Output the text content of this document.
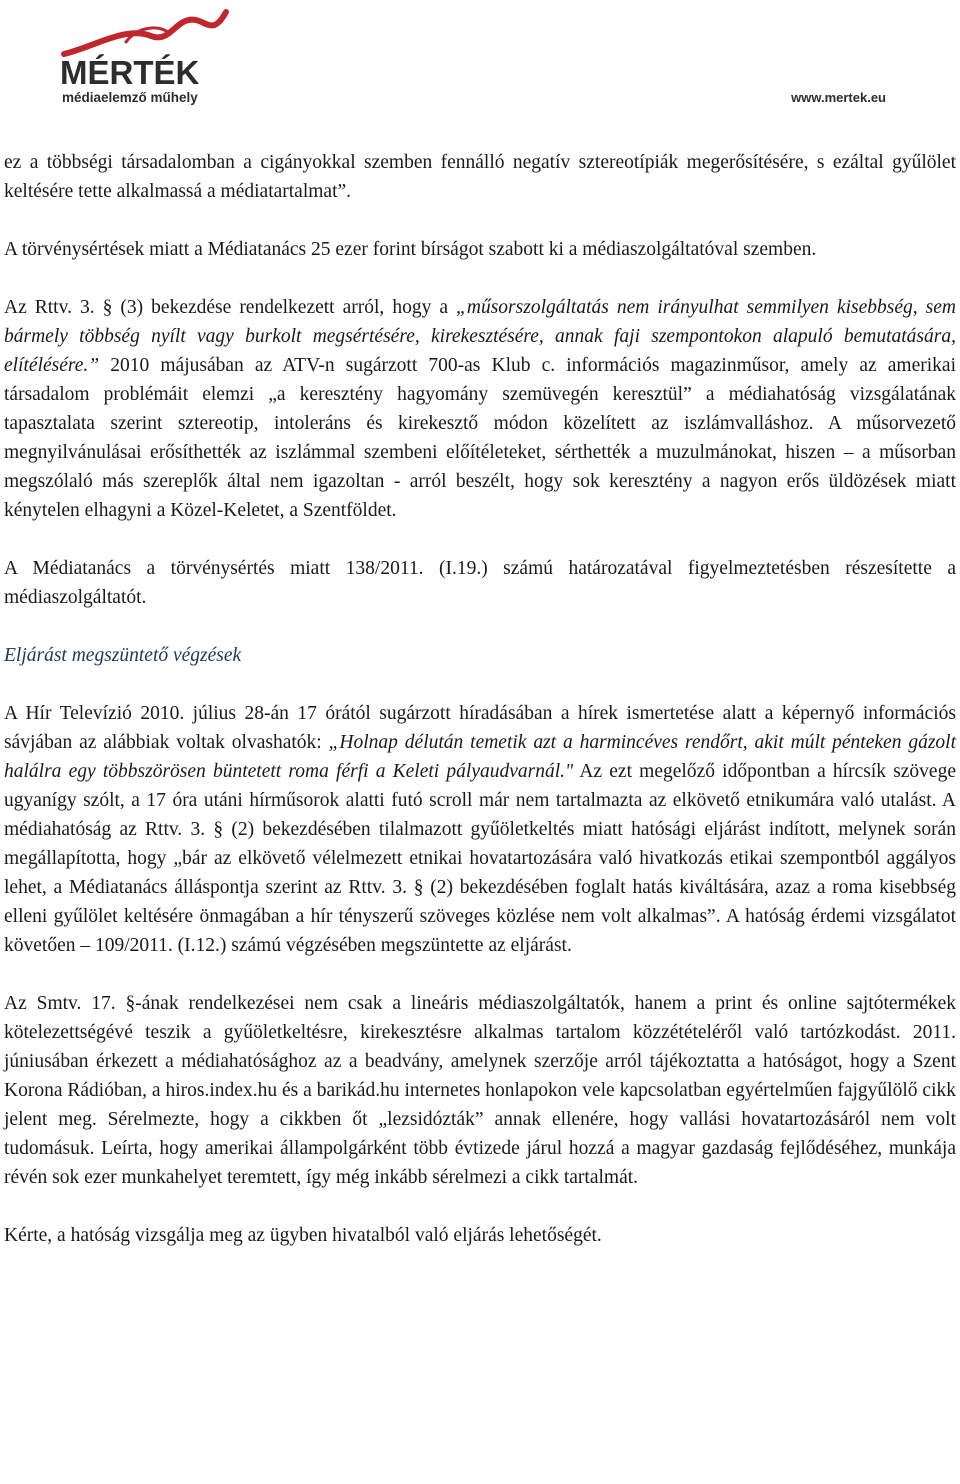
MÉRTÉK
médiaelemző műhely	www.mertek.eu

ez a többségi társadalomban a cigányokkal szemben fennálló negatív sztereotípiák megerősítésére, s ezáltal gyűlölet keltésére tette alkalmassá a médiatartalmat”.

A törvénysértések miatt a Médiatanács 25 ezer forint bírságot szabott ki a médiaszolgáltatóval szemben.

Az Rttv. 3. § (3) bekezdése rendelkezett arról, hogy a „műsorszolgáltatás nem irányulhat semmilyen kisebbség, sem bármely többség nyílt vagy burkolt megsértésére, kirekesztésére, annak faji szempontokon alapuló bemutatására, elítélésére.” 2010 májusában az ATV-n sugárzott 700-as Klub c. információs magazinműsor, amely az amerikai társadalom problémáit elemzi „a keresztény hagyomány szemüvegén keresztül” a médiahatóság vizsgálatának tapasztalata szerint sztereotip, intoleráns és kirekesztő módon közelített az iszlámvalláshoz. A műsorvezető megnyilvánulásai erősíthették az iszlámmal szembeni előítéleteket, sérthették a muzulmánokat, hiszen – a műsorban megszólaló más szereplők által nem igazoltan - arról beszélt, hogy sok keresztény a nagyon erős üldözések miatt kénytelen elhagyni a Közel-Keletet, a Szentföldet.

A Médiatanács a törvénysértés miatt 138/2011. (I.19.) számú határozatával figyelmeztetésben részesítette a médiaszolgáltatót.

Eljárást megszüntető végzések

A Hír Televízió 2010. július 28-án 17 órától sugárzott híradásában a hírek ismertetése alatt a képernyő információs sávjában az alábbiak voltak olvashatók: „Holnap délután temetik azt a harmincéves rendőrt, akit múlt pénteken gázolt halálra egy többszörösen büntetett roma férfi a Keleti pályaudvarnál." Az ezt megelőző időpontban a hírcsík szövege ugyanígy szólt, a 17 óra utáni hírműsorok alatti futó scroll már nem tartalmazta az elkövető etnikumára való utalást. A médiahatóság az Rttv. 3. § (2) bekezdésében tilalmazott gyűöletkeltés miatt hatósági eljárást indított, melynek során megállapította, hogy „bár az elkövető vélelmezett etnikai hovatartozására való hivatkozás etikai szempontból aggályos lehet, a Médiatanács álláspontja szerint az Rttv. 3. § (2) bekezdésében foglalt hatás kiváltására, azaz a roma kisebbség elleni gyűlölet keltésére önmagában a hír tényszerű szöveges közlése nem volt alkalmas”. A hatóság érdemi vizsgálatot követően – 109/2011. (I.12.) számú végzésében megszüntette az eljárást.

Az Smtv. 17. §-ának rendelkezései nem csak a lineáris médiaszolgáltatók, hanem a print és online sajtótermékek kötelezettségévé teszik a gyűöletkeltésre, kirekesztésre alkalmas tartalom közzétételéről való tartózkodást. 2011. júniusában érkezett a médiahatósághoz az a beadvány, amelynek szerzője arról tájékoztatta a hatóságot, hogy a Szent Korona Rádióban, a hiros.index.hu és a barikád.hu internetes honlapokon vele kapcsolatban egyértelműen fajgyűlölő cikk jelent meg. Sérelmezte, hogy a cikkben őt „lezsidózták” annak ellenére, hogy vallási hovatartozásáról nem volt tudomásuk. Leírta, hogy amerikai állampolgárként több évtizede járul hozzá a magyar gazdaság fejlődéséhez, munkája révén sok ezer munkahelyet teremtett, így még inkább sérelmezi a cikk tartalmát.

Kérte, a hatóság vizsgálja meg az ügyben hivatalból való eljárás lehetőségét.
